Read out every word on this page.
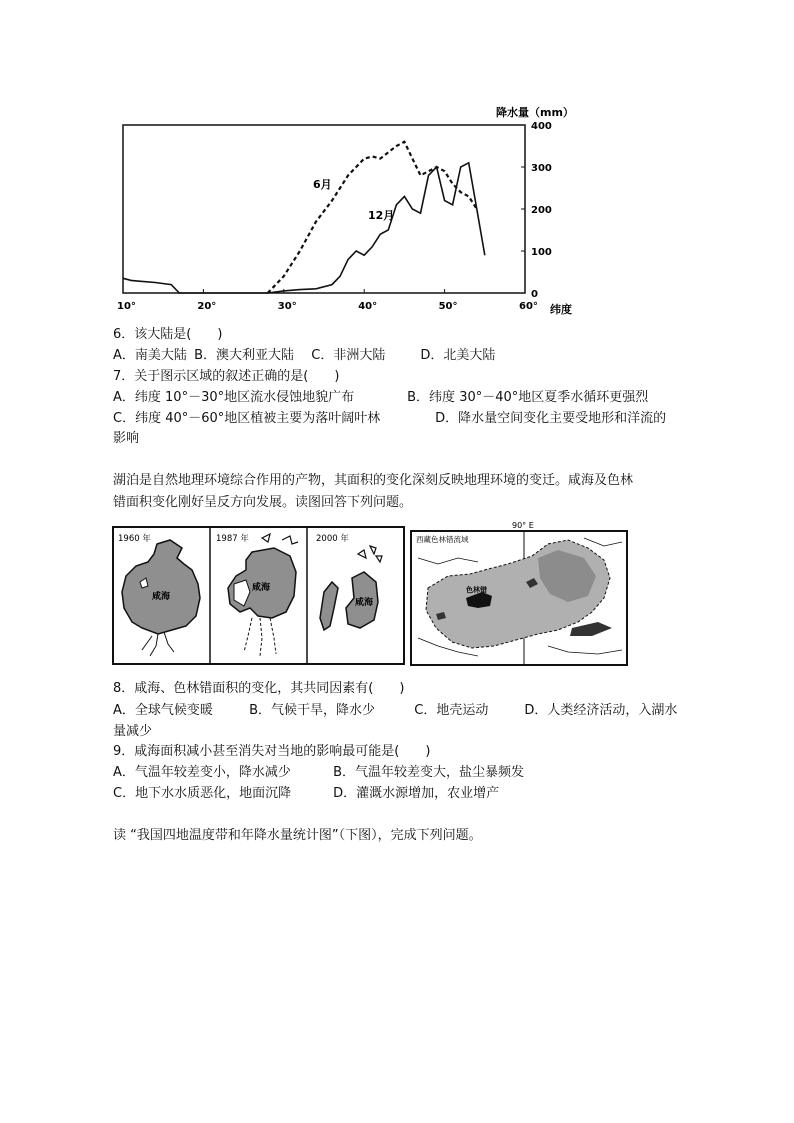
降水量（mm）
400
300
200
100
0
10°	20°	30°	40°	50°	60° 纬度
6月
12月
6．该大陆是(　　)
A．南美大陆 B．澳大利亚大陆 C．非洲大陆	D．北美大陆
7．关于图示区域的叙述正确的是(　　)
A．纬度 10°－30°地区流水侵蚀地貌广布	B．纬度 30°－40°地区夏季水循环更强烈
C．纬度 40°－60°地区植被主要为落叶阔叶林	D．降水量空间变化主要受地形和洋流的
影响
湖泊是自然地理环境综合作用的产物，其面积的变化深刻反映地理环境的变迁。咸海及色林
错面积变化刚好呈反方向发展。读图回答下列问题。
1960 年
咸海
1987 年
咸海
2000 年
咸海
90° E
西藏色林错流域
色林错
8．咸海、色林错面积的变化，其共同因素有(　　)
A．全球气候变暖	B．气候干旱，降水少	C．地壳运动	D．人类经济活动，入湖水
量减少
9．咸海面积减小甚至消失对当地的影响最可能是(　　)
A．气温年较差变小，降水减少	B．气温年较差变大，盐尘暴频发
C．地下水水质恶化，地面沉降	D．灌溉水源增加，农业增产
读 “我国四地温度带和年降水量统计图”（下图），完成下列问题。
